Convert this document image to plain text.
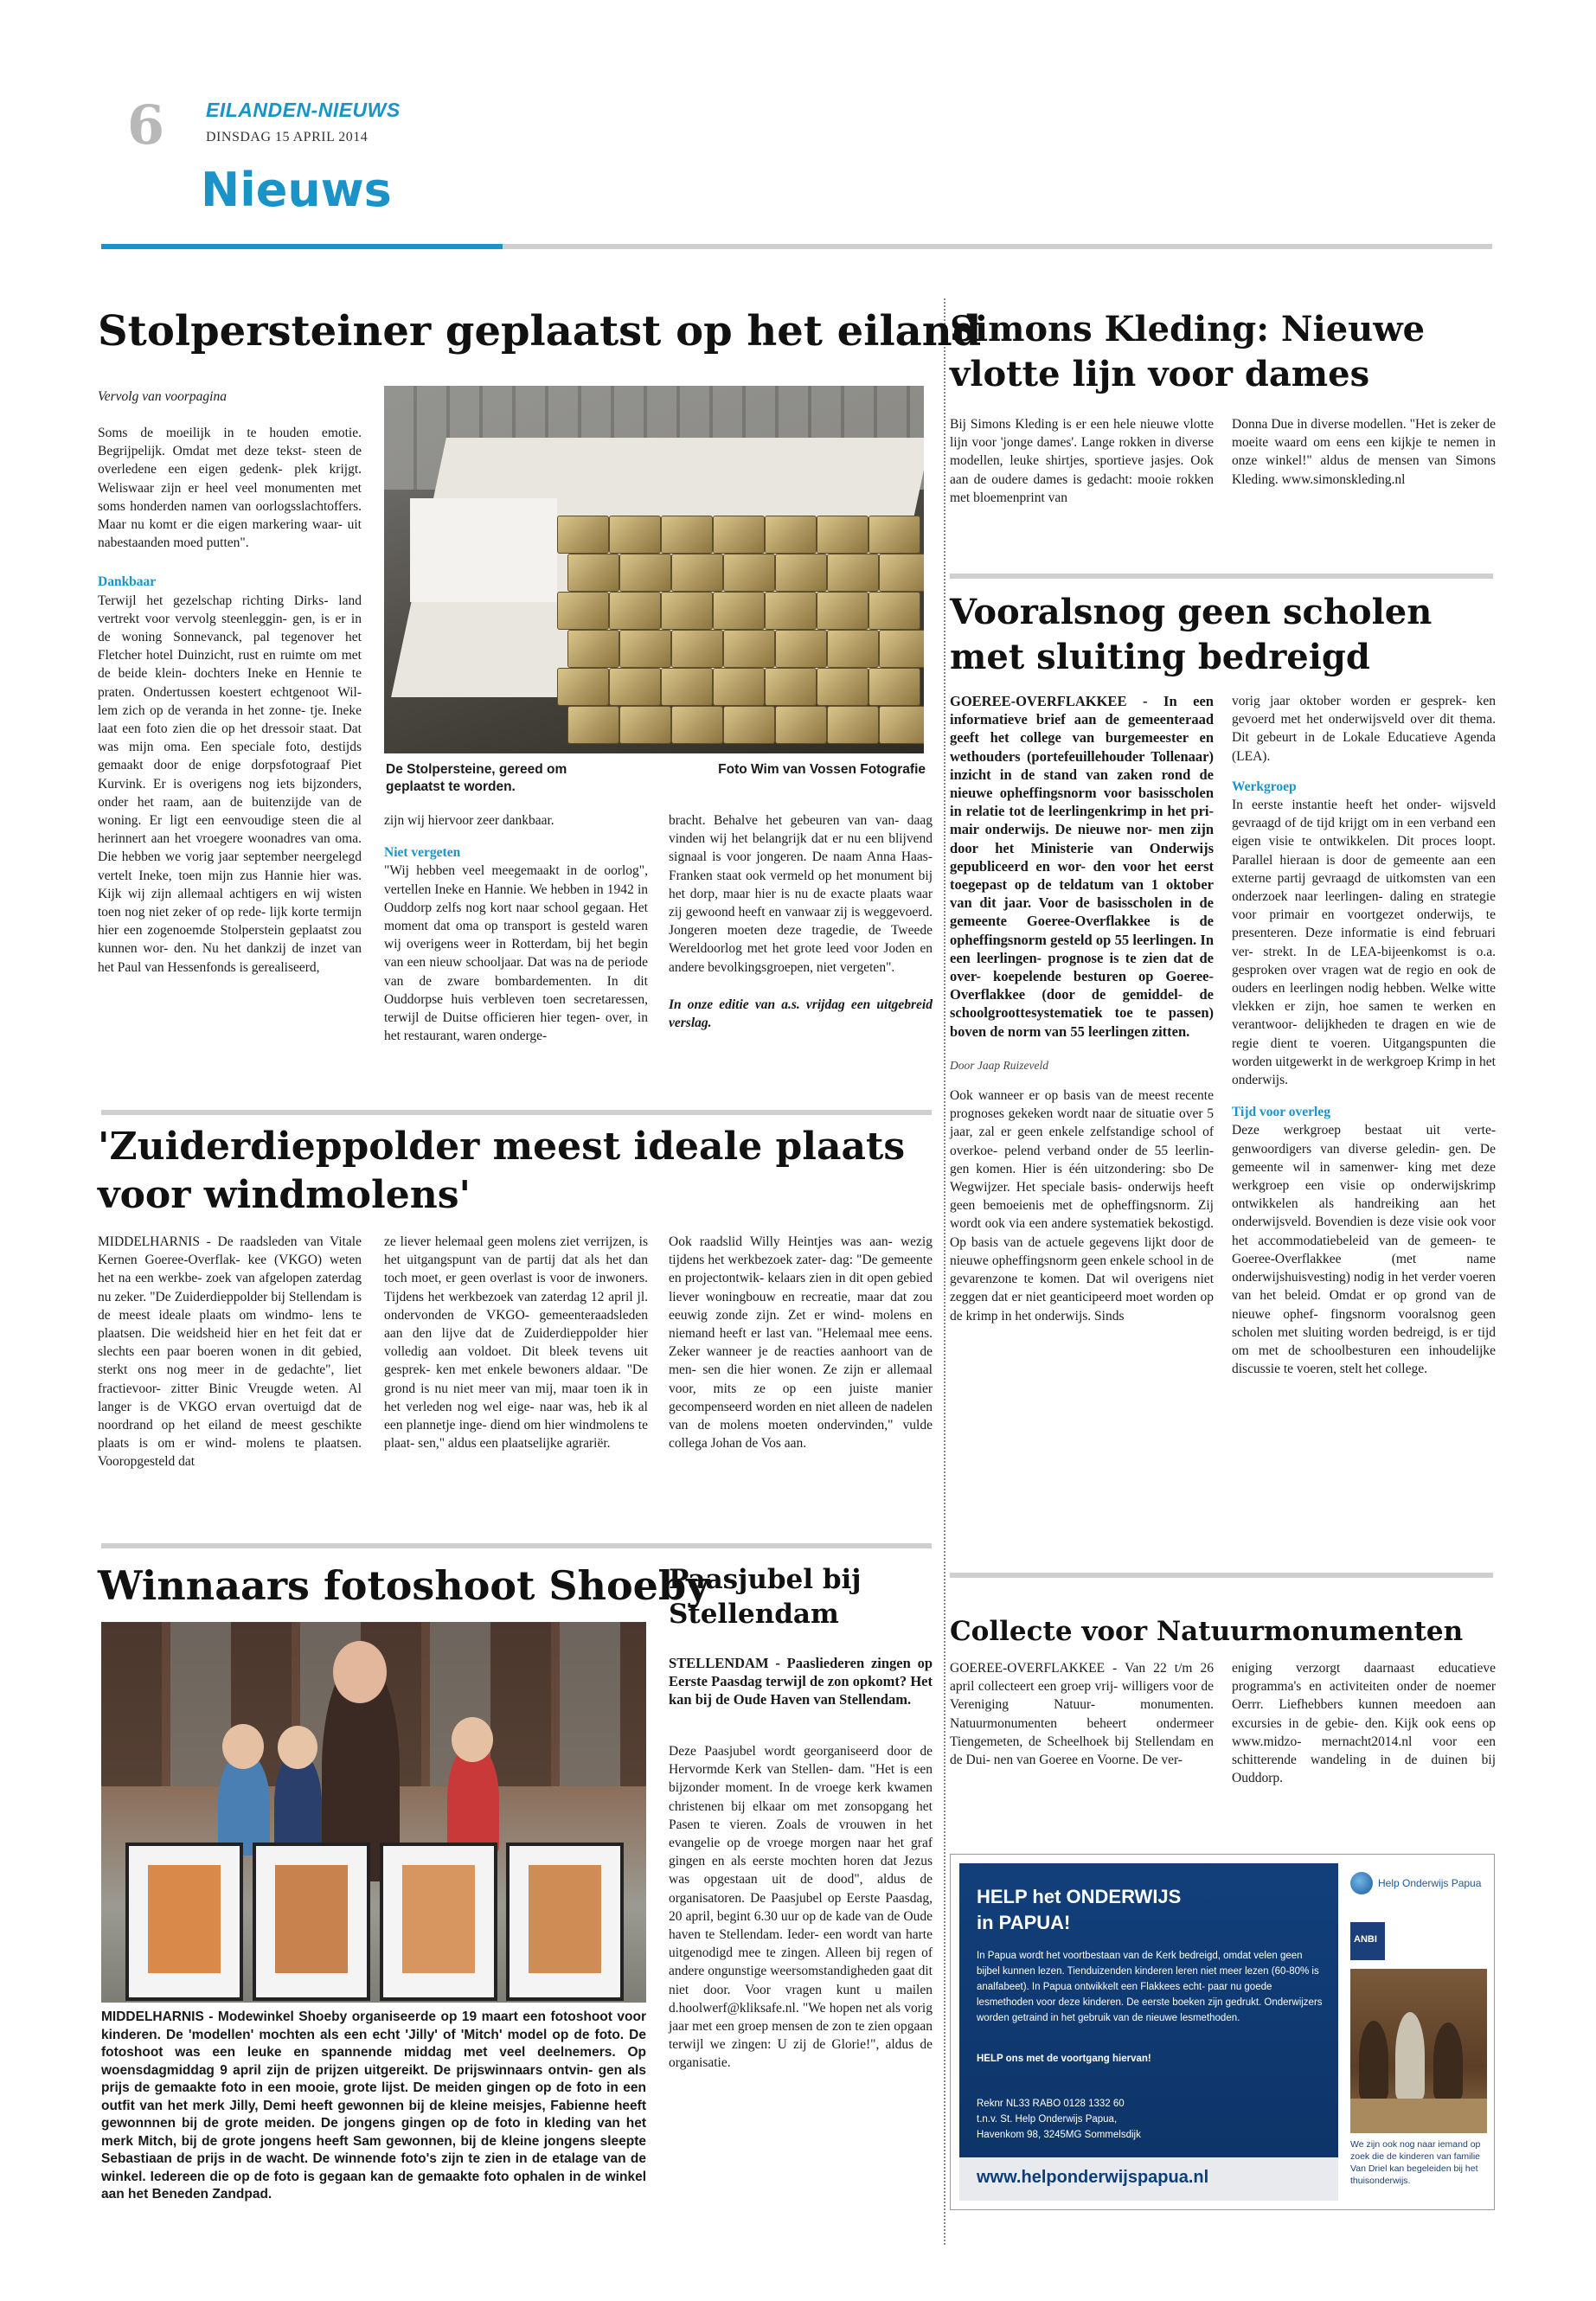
6 EILANDEN-NIEUWS
DINSDAG 15 APRIL 2014
Nieuws
Stolpersteiner geplaatst op het eiland
Vervolg van voorpagina

Soms de moeilijk in te houden emotie. Begrijpelijk. Omdat met deze tekst- steen de overledene een eigen gedenk- plek krijgt. Weliswaar zijn er heel veel monumenten met soms honderden namen van oorlogsslachtoffers. Maar nu komt er die eigen markering waar- uit nabestaanden moed putten".

Dankbaar

Terwijl het gezelschap richting Dirks- land vertrekt voor vervolg steenleggin- gen, is er in de woning Sonnevanck, pal tegenover het Fletcher hotel Duinzicht, rust en ruimte om met de beide klein- dochters Ineke en Hennie te praten. Ondertussen koestert echtgenoot Wil- lem zich op de veranda in het zonne- tje. Ineke laat een foto zien die op het dressoir staat. Dat was mijn oma. Een speciale foto, destijds gemaakt door de enige dorpsfotograaf Piet Kurvink. Er is overigens nog iets bijzonders, onder het raam, aan de buitenzijde van de woning. Er ligt een eenvoudige steen die al herinnert aan het vroegere woonadres van oma. Die hebben we vorig jaar september neergelegd vertelt Ineke, toen mijn zus Hannie hier was. Kijk wij zijn allemaal achtigers en wij wisten toen nog niet zeker of op rede- lijk korte termijn hier een zogenoemde Stolperstein geplaatst zou kunnen wor- den. Nu het dankzij de inzet van het Paul van Hessenfonds is gerealiseerd,

De Stolpersteine, gereed om geplaatst te worden.
Foto Wim van Vossen Fotografie

zijn wij hiervoor zeer dankbaar.

Niet vergeten

"Wij hebben veel meegemaakt in de oorlog", vertellen Ineke en Hannie. We hebben in 1942 in Ouddorp zelfs nog kort naar school gegaan. Het moment dat oma op transport is gesteld waren wij overigens weer in Rotterdam, bij het begin van een nieuw schooljaar. Dat was na de periode van de zware bombardementen. In dit Ouddorpse huis verbleven toen secretaressen, terwijl de Duitse officieren hier tegen- over, in het restaurant, waren onderge-

bracht. Behalve het gebeuren van van- daag vinden wij het belangrijk dat er nu een blijvend signaal is voor jongeren. De naam Anna Haas-Franken staat ook vermeld op het monument bij het dorp, maar hier is nu de exacte plaats waar zij gewoond heeft en vanwaar zij is weggevoerd. Jongeren moeten deze tragedie, de Tweede Wereldoorlog met het grote leed voor Joden en andere bevolkingsgroepen, niet vergeten".

In onze editie van a.s. vrijdag een uitgebreid verslag.

'Zuiderdieppolder meest ideale plaats voor windmolens'
MIDDELHARNIS - De raadsleden van Vitale Kernen Goeree-Overflak- kee (VKGO) weten het na een werkbe- zoek van afgelopen zaterdag nu zeker. "De Zuiderdieppolder bij Stellendam is de meest ideale plaats om windmo- lens te plaatsen. Die weidsheid hier en het feit dat er slechts een paar boeren wonen in dit gebied, sterkt ons nog meer in de gedachte", liet fractievoor- zitter Binic Vreugde weten. Al langer is de VKGO ervan overtuigd dat de noordrand op het eiland de meest geschikte plaats is om er wind- molens te plaatsen. Vooropgesteld dat
ze liever helemaal geen molens ziet verrijzen, is het uitgangspunt van de partij dat als het dan toch moet, er geen overlast is voor de inwoners. Tijdens het werkbezoek van zaterdag 12 april jl. ondervonden de VKGO- gemeenteraadsleden aan den lijve dat de Zuiderdieppolder hier volledig aan voldoet. Dit bleek tevens uit gesprek- ken met enkele bewoners aldaar. "De grond is nu niet meer van mij, maar toen ik in het verleden nog wel eige- naar was, heb ik al een plannetje inge- diend om hier windmolens te plaat- sen," aldus een plaatselijke agrariër.
Ook raadslid Willy Heintjes was aan- wezig tijdens het werkbezoek zater- dag: "De gemeente en projectontwik- kelaars zien in dit open gebied liever woningbouw en recreatie, maar dat zou eeuwig zonde zijn. Zet er wind- molens en niemand heeft er last van. "Helemaal mee eens. Zeker wanneer je de reacties aanhoort van de men- sen die hier wonen. Ze zijn er allemaal voor, mits ze op een juiste manier gecompenseerd worden en niet alleen de nadelen van de molens moeten ondervinden," vulde collega Johan de Vos aan.
Winnaars fotoshoot Shoeby
MIDDELHARNIS - Modewinkel Shoeby organiseerde op 19 maart een fotoshoot voor kinderen. De 'modellen' mochten als een echt 'Jilly' of 'Mitch' model op de foto. De fotoshoot was een leuke en spannende middag met veel deelnemers. Op woensdagmiddag 9 april zijn de prijzen uitgereikt. De prijswinnaars ontvin- gen als prijs de gemaakte foto in een mooie, grote lijst. De meiden gingen op de foto in een outfit van het merk Jilly, Demi heeft gewonnen bij de kleine meisjes, Fabienne heeft gewonnnen bij de grote meiden. De jongens gingen op de foto in kleding van het merk Mitch, bij de grote jongens heeft Sam gewonnen, bij de kleine jongens sleepte Sebastiaan de prijs in de wacht. De winnende foto's zijn te zien in de etalage van de winkel. Iedereen die op de foto is gegaan kan de gemaakte foto ophalen in de winkel aan het Beneden Zandpad.
Paasjubel bij Stellendam
STELLENDAM - Paasliederen zingen op Eerste Paasdag terwijl de zon opkomt? Het kan bij de Oude Haven van Stellendam.
Deze Paasjubel wordt georganiseerd door de Hervormde Kerk van Stellen- dam. "Het is een bijzonder moment. In de vroege kerk kwamen christenen bij elkaar om met zonsopgang het Pasen te vieren. Zoals de vrouwen in het evangelie op de vroege morgen naar het graf gingen en als eerste mochten horen dat Jezus was opgestaan uit de dood", aldus de organisatoren. De Paasjubel op Eerste Paasdag, 20 april, begint 6.30 uur op de kade van de Oude haven te Stellendam. Ieder- een wordt van harte uitgenodigd mee te zingen. Alleen bij regen of andere ongunstige weersomstandigheden gaat dit niet door. Voor vragen kunt u mailen d.hoolwerf@kliksafe.nl. "We hopen net als vorig jaar met een groep mensen de zon te zien opgaan terwijl we zingen: U zij de Glorie!", aldus de organisatie.
Simons Kleding: Nieuwe vlotte lijn voor dames
Bij Simons Kleding is er een hele nieuwe vlotte lijn voor 'jonge dames'. Lange rokken in diverse modellen, leuke shirtjes, sportieve jasjes. Ook aan de oudere dames is gedacht: mooie rokken met bloemenprint van
Donna Due in diverse modellen. "Het is zeker de moeite waard om eens een kijkje te nemen in onze winkel!" aldus de mensen van Simons Kleding. www.simonskleding.nl
Vooralsnog geen scholen met sluiting bedreigd

GOEREE-OVERFLAKKEE - In een informatieve brief aan de gemeenteraad geeft het college van burgemeester en wethouders (portefeuillehouder Tollenaar) inzicht in de stand van zaken rond de nieuwe opheffingsnorm voor basisscholen in relatie tot de leerlingenkrimp in het pri- mair onderwijs. De nieuwe nor- men zijn door het Ministerie van Onderwijs gepubliceerd en wor- den voor het eerst toegepast op de teldatum van 1 oktober van dit jaar. Voor de basisscholen in de gemeente Goeree-Overflakkee is de opheffingsnorm gesteld op 55 leerlingen. In een leerlingen- prognose is te zien dat de over- koepelende besturen op Goeree- Overflakkee (door de gemiddel- de schoolgroottesystematiek toe te passen) boven de norm van 55 leerlingen zitten.

Door Jaap Ruizeveld

Ook wanneer er op basis van de meest recente prognoses gekeken wordt naar de situatie over 5 jaar, zal er geen enkele zelfstandige school of overkoe- pelend verband onder de 55 leerlin- gen komen. Hier is één uitzondering: sbo De Wegwijzer. Het speciale basis- onderwijs heeft geen bemoeienis met de opheffingsnorm. Zij wordt ook via een andere systematiek bekostigd. Op basis van de actuele gegevens lijkt door de nieuwe opheffingsnorm geen enkele school in de gevarenzone te komen. Dat wil overigens niet zeggen dat er niet geanticipeerd moet worden op de krimp in het onderwijs. Sinds

vorig jaar oktober worden er gesprek- ken gevoerd met het onderwijsveld over dit thema. Dit gebeurt in de Lokale Educatieve Agenda (LEA).

Werkgroep

In eerste instantie heeft het onder- wijsveld gevraagd of de tijd krijgt om in een verband een eigen visie te ontwikkelen. Dit proces loopt. Parallel hieraan is door de gemeente aan een externe partij gevraagd de uitkomsten van een onderzoek naar leerlingen- daling en strategie voor primair en voortgezet onderwijs, te presenteren. Deze informatie is eind februari ver- strekt. In de LEA-bijeenkomst is o.a. gesproken over vragen wat de regio en ook de ouders en leerlingen nodig hebben. Welke witte vlekken er zijn, hoe samen te werken en verantwoor- delijkheden te dragen en wie de regie dient te voeren. Uitgangspunten die worden uitgewerkt in de werkgroep Krimp in het onderwijs.

Tijd voor overleg

Deze werkgroep bestaat uit verte- genwoordigers van diverse geledin- gen. De gemeente wil in samenwer- king met deze werkgroep een visie op onderwijskrimp ontwikkelen als handreiking aan het onderwijsveld. Bovendien is deze visie ook voor het accommodatiebeleid van de gemeen- te Goeree-Overflakkee (met name onderwijshuisvesting) nodig in het verder voeren van het beleid. Omdat er op grond van de nieuwe ophef- fingsnorm vooralsnog geen scholen met sluiting worden bedreigd, is er tijd om met de schoolbesturen een inhoudelijke discussie te voeren, stelt het college.

Collecte voor Natuurmonumenten
GOEREE-OVERFLAKKEE - Van 22 t/m 26 april collecteert een groep vrij- willigers voor de Vereniging Natuur- monumenten. Natuurmonumenten beheert ondermeer Tiengemeten, de Scheelhoek bij Stellendam en de Dui- nen van Goeree en Voorne. De ver-
eniging verzorgt daarnaast educatieve programma's en activiteiten onder de noemer Oerrr. Liefhebbers kunnen meedoen aan excursies in de gebie- den. Kijk ook eens op www.midzo- mernacht2014.nl voor een schitterende wandeling in de duinen bij Ouddorp.
HELP het ONDERWIJS
in PAPUA!
In Papua wordt het voortbestaan van de Kerk bedreigd, omdat velen geen bijbel kunnen lezen. Tienduizenden kinderen leren niet meer lezen (60-80% is analfabeet). In Papua ontwikkelt een Flakkees echt- paar nu goede lesmethoden voor deze kinderen. De eerste boeken zijn gedrukt. Onderwijzers worden getraind in het gebruik van de nieuwe lesmethoden.
HELP ons met de voortgang hiervan!
Reknr NL33 RABO 0128 1332 60
t.n.v. St. Help Onderwijs Papua,
Havenkom 98, 3245MG Sommelsdijk
www.helponderwijspapua.nl
Help Onderwijs Papua
ANBI
We zijn ook nog naar iemand op zoek die de kinderen van familie Van Driel kan begeleiden bij het thuisonderwijs.
